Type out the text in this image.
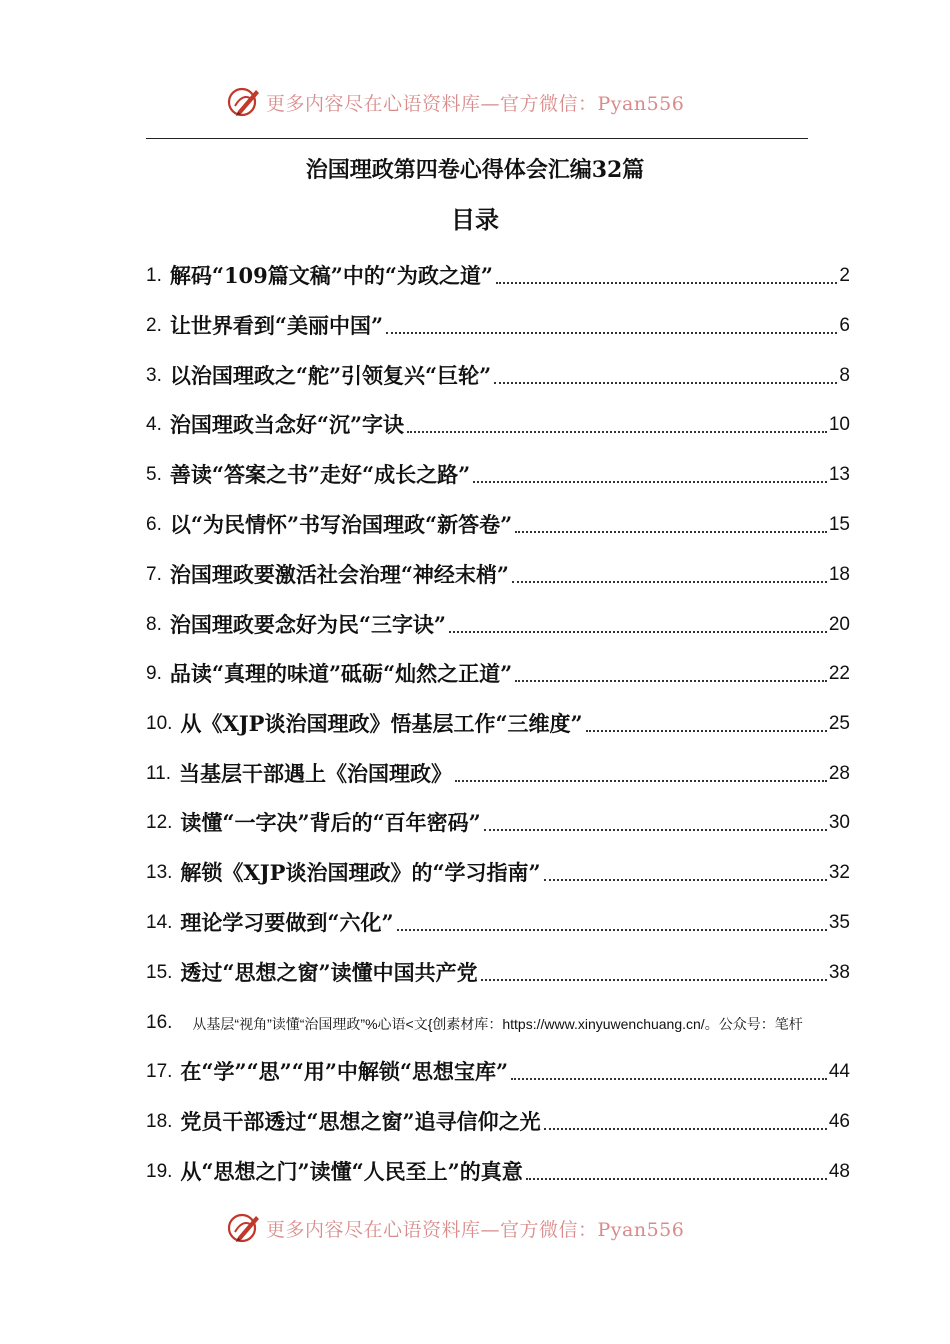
更多内容尽在心语资料库—官方微信：Pyan556
治国理政第四卷心得体会汇编32篇
目录
1. 解码“109篇文稿”中的“为政之道”	2
2. 让世界看到“美丽中国”	6
3. 以治国理政之“舵”引领复兴“巨轮”	8
4. 治国理政当念好“沉”字诀	10
5. 善读“答案之书”走好“成长之路”	13
6. 以“为民情怀”书写治国理政“新答卷”	15
7. 治国理政要激活社会治理“神经末梢”	18
8. 治国理政要念好为民“三字诀”	20
9. 品读“真理的味道”砥砺“灿然之正道”	22
10. 从《XJP谈治国理政》悟基层工作“三维度”	25
11. 当基层干部遇上《治国理政》	28
12. 读懂“一字决”背后的“百年密码”	30
13. 解锁《XJP谈治国理政》的“学习指南”	32
14. 理论学习要做到“六化”	35
15. 透过“思想之窗”读懂中国共产党	38
16. 从基层“视角”读懂“治国理政”%心语<文{创素材库：https://www.xinyuwenchuang.cn/。公众号：笔杆
17. 在“学”“思”“用”中解锁“思想宝库”	44
18. 党员干部透过“思想之窗”追寻信仰之光	46
19. 从“思想之门”读懂“人民至上”的真意	48
更多内容尽在心语资料库—官方微信：Pyan556
